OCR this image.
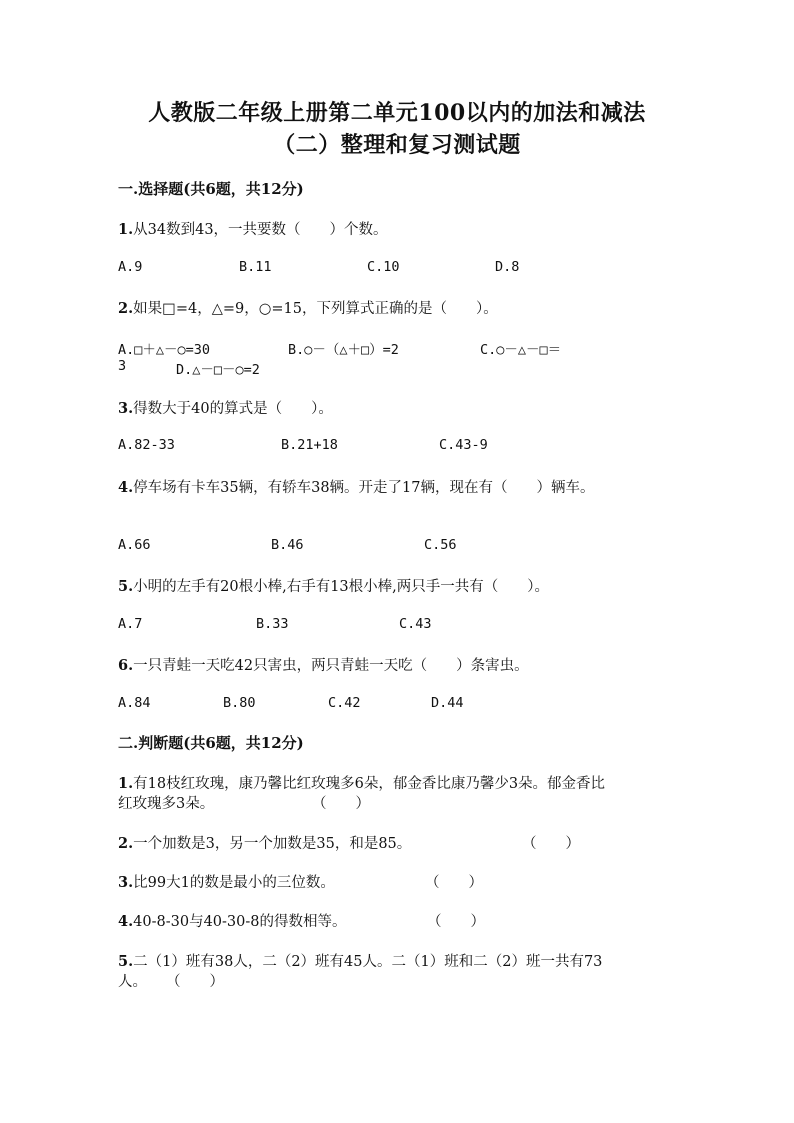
人教版二年级上册第二单元100以内的加法和减法
（二）整理和复习测试题
一.选择题(共6题，共12分)
1.从34数到43，一共要数（　　）个数。
A.9	B.11	C.10	D.8
2.如果□=4，△=9，○=15，下列算式正确的是（　　）。
A.□＋△－○=30	B.○－（△＋□）=2	C.○－△－□＝
3	D.△－□－○=2
3.得数大于40的算式是（　　）。
A.82-33	B.21+18	C.43-9
4.停车场有卡车35辆，有轿车38辆。开走了17辆，现在有（　　）辆车。
A.66	B.46	C.56
5.小明的左手有20根小棒,右手有13根小棒,两只手一共有（　　）。
A.7	B.33	C.43
6.一只青蛙一天吃42只害虫，两只青蛙一天吃（　　）条害虫。
A.84	B.80	C.42	D.44
二.判断题(共6题，共12分)
1.有18枝红玫瑰，康乃馨比红玫瑰多6朵，郁金香比康乃馨少3朵。郁金香比
红玫瑰多3朵。	（　　）
2.一个加数是3，另一个加数是35，和是85。	（　　）
3.比99大1的数是最小的三位数。	（　　）
4.40-8-30与40-30-8的得数相等。	（　　）
5.二（1）班有38人，二（2）班有45人。二（1）班和二（2）班一共有73
人。 （　　）
